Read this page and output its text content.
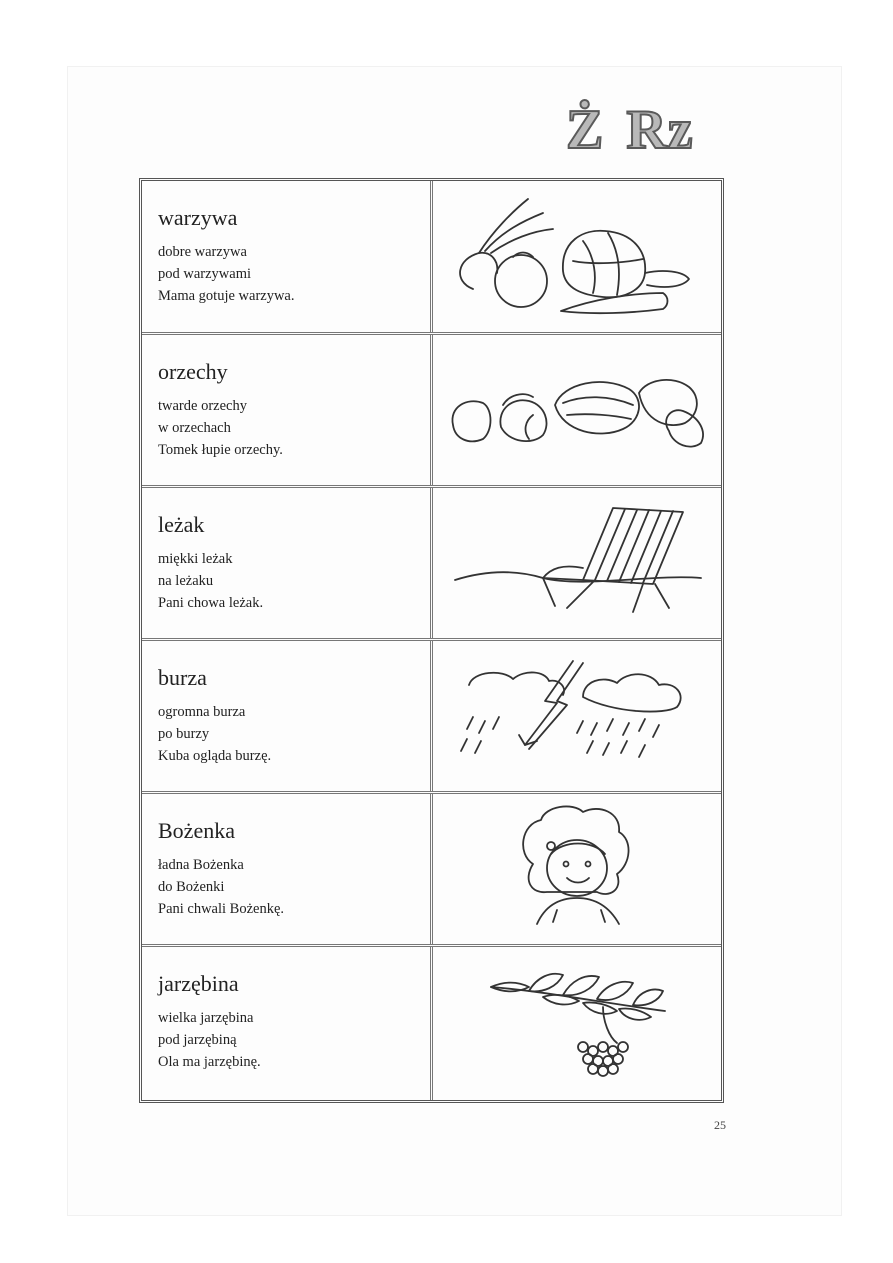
Ż Rz
warzywa
dobre warzywa
pod warzywami
Mama gotuje warzywa.
orzechy
twarde orzechy
w orzechach
Tomek łupie orzechy.
leżak
miękki leżak
na leżaku
Pani chowa leżak.
burza
ogromna burza
po burzy
Kuba ogląda burzę.
Bożenka
ładna Bożenka
do Bożenki
Pani chwali Bożenkę.
jarzębina
wielka jarzębina
pod jarzębiną
Ola ma jarzębinę.
25
